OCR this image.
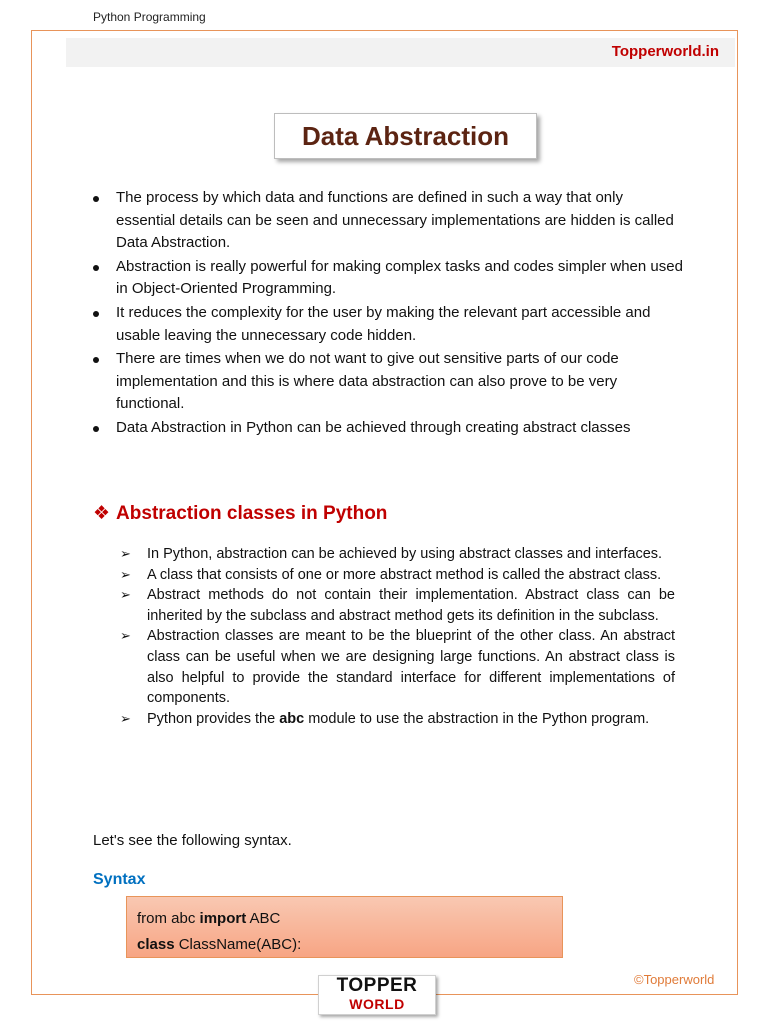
Python Programming
Topperworld.in
Data Abstraction
The process by which data and functions are defined in such a way that only essential details can be seen and unnecessary implementations are hidden is called Data Abstraction.
Abstraction is really powerful for making complex tasks and codes simpler when used in Object-Oriented Programming.
It reduces the complexity for the user by making the relevant part accessible and usable leaving the unnecessary code hidden.
There are times when we do not want to give out sensitive parts of our code implementation and this is where data abstraction can also prove to be very functional.
Data Abstraction in Python can be achieved through creating abstract classes
❖ Abstraction classes in Python
➢ In Python, abstraction can be achieved by using abstract classes and interfaces.
➢ A class that consists of one or more abstract method is called the abstract class.
➢ Abstract methods do not contain their implementation. Abstract class can be inherited by the subclass and abstract method gets its definition in the subclass.
➢ Abstraction classes are meant to be the blueprint of the other class. An abstract class can be useful when we are designing large functions. An abstract class is also helpful to provide the standard interface for different implementations of components.
➢ Python provides the abc module to use the abstraction in the Python program.
Let's see the following syntax.
Syntax
from abc import ABC
class ClassName(ABC):
©Topperworld
TOPPER
WORLD
